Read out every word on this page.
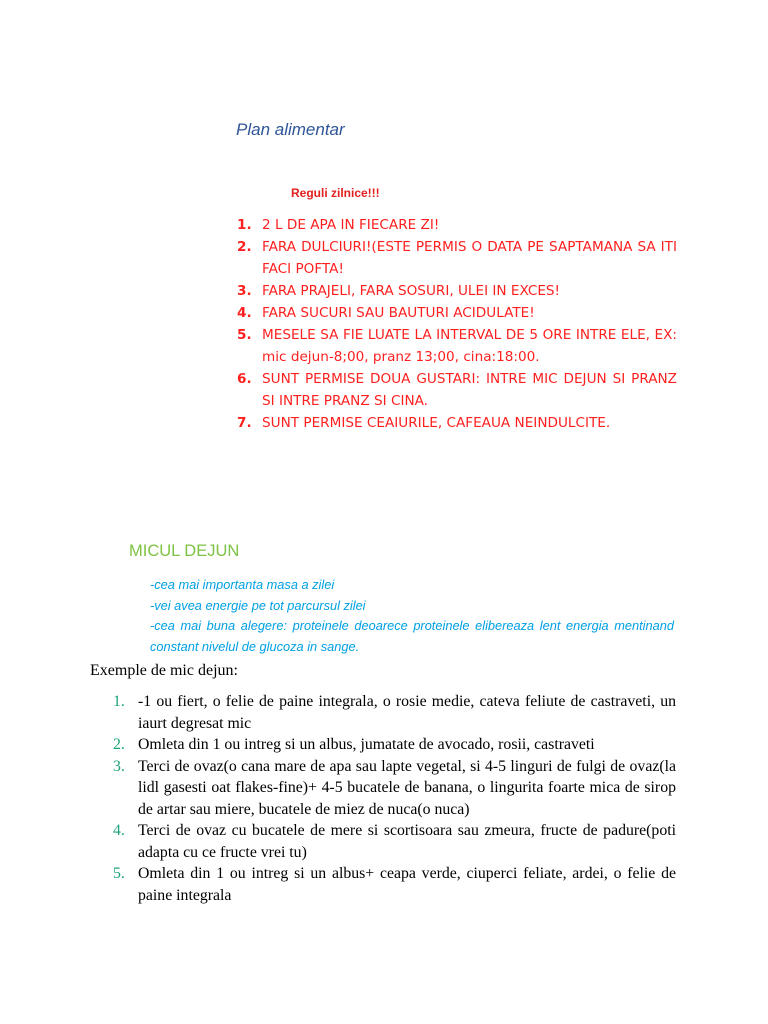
Plan alimentar
Reguli zilnice!!!
1. 2 L DE APA IN FIECARE ZI!
2. FARA DULCIURI!(ESTE PERMIS O DATA PE SAPTAMANA SA ITI FACI POFTA!
3. FARA PRAJELI, FARA SOSURI, ULEI IN EXCES!
4. FARA SUCURI SAU BAUTURI ACIDULATE!
5. MESELE SA FIE LUATE LA INTERVAL DE 5 ORE INTRE ELE, EX: mic dejun-8;00, pranz 13;00, cina:18:00.
6. SUNT PERMISE DOUA GUSTARI: INTRE MIC DEJUN SI PRANZ SI INTRE PRANZ SI CINA.
7. SUNT PERMISE CEAIURILE, CAFEAUA NEINDULCITE.
MICUL DEJUN
-cea mai importanta masa a zilei
-vei avea energie pe tot parcursul zilei
-cea mai buna alegere: proteinele deoarece proteinele elibereaza lent energia mentinand constant nivelul de glucoza in sange.
Exemple de mic dejun:
1. -1 ou fiert, o felie de paine integrala, o rosie medie, cateva feliute de castraveti, un iaurt degresat mic
2. Omleta din 1 ou intreg si un albus, jumatate de avocado, rosii, castraveti
3. Terci de ovaz(o cana mare de apa sau lapte vegetal, si 4-5 linguri de fulgi de ovaz(la lidl gasesti oat flakes-fine)+ 4-5 bucatele de banana, o lingurita foarte mica de sirop de artar sau miere, bucatele de miez de nuca(o nuca)
4. Terci de ovaz cu bucatele de mere si scortisoara sau zmeura, fructe de padure(poti adapta cu ce fructe vrei tu)
5. Omleta din 1 ou intreg si un albus+ ceapa verde, ciuperci feliate, ardei, o felie de paine integrala
